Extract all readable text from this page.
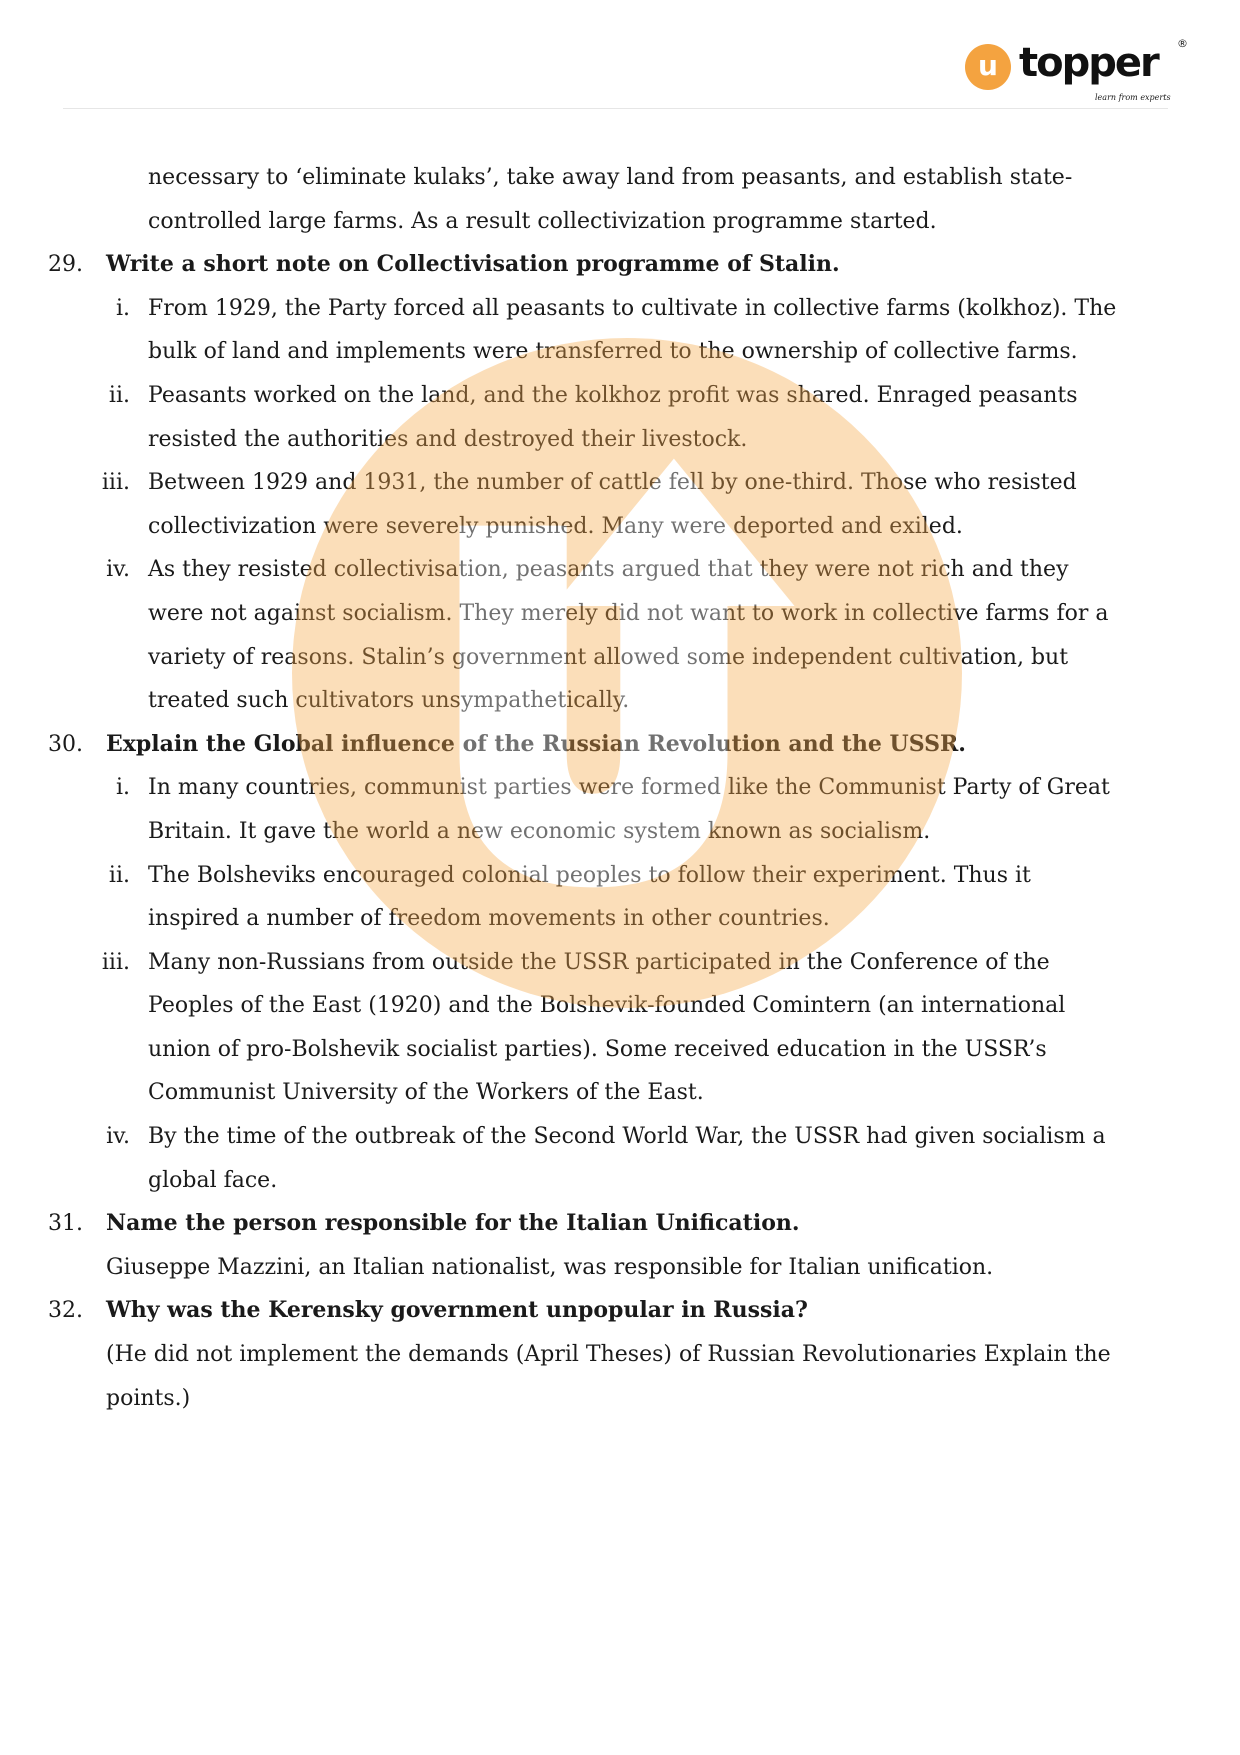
u topper ®
learn from experts
necessary to ‘eliminate kulaks’, take away land from peasants, and establish state-
controlled large farms. As a result collectivization programme started.
29. Write a short note on Collectivisation programme of Stalin.
i. From 1929, the Party forced all peasants to cultivate in collective farms (kolkhoz). The
bulk of land and implements were transferred to the ownership of collective farms.
ii. Peasants worked on the land, and the kolkhoz profit was shared. Enraged peasants
resisted the authorities and destroyed their livestock.
iii. Between 1929 and 1931, the number of cattle fell by one-third. Those who resisted
collectivization were severely punished. Many were deported and exiled.
iv. As they resisted collectivisation, peasants argued that they were not rich and they
were not against socialism. They merely did not want to work in collective farms for a
variety of reasons. Stalin’s government allowed some independent cultivation, but
treated such cultivators unsympathetically.
30. Explain the Global influence of the Russian Revolution and the USSR.
i. In many countries, communist parties were formed like the Communist Party of Great
Britain. It gave the world a new economic system known as socialism.
ii. The Bolsheviks encouraged colonial peoples to follow their experiment. Thus it
inspired a number of freedom movements in other countries.
iii. Many non-Russians from outside the USSR participated in the Conference of the
Peoples of the East (1920) and the Bolshevik-founded Comintern (an international
union of pro-Bolshevik socialist parties). Some received education in the USSR’s
Communist University of the Workers of the East.
iv. By the time of the outbreak of the Second World War, the USSR had given socialism a
global face.
31. Name the person responsible for the Italian Unification.
Giuseppe Mazzini, an Italian nationalist, was responsible for Italian unification.
32. Why was the Kerensky government unpopular in Russia?
(He did not implement the demands (April Theses) of Russian Revolutionaries Explain the
points.)
